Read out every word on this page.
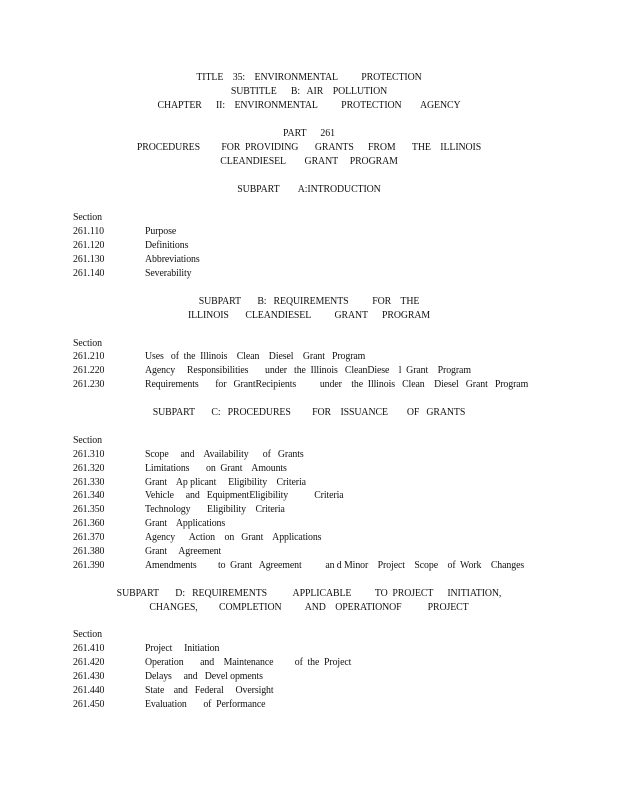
TITLE    35:    ENVIRONMENTAL          PROTECTION
SUBTITLE      B:   AIR    POLLUTION
CHAPTER      II:    ENVIRONMENTAL          PROTECTION        AGENCY
PART      261
PROCEDURES         FOR  PROVIDING       GRANTS      FROM       THE    ILLINOIS
CLEANDIESEL        GRANT     PROGRAM
SUBPART        A:INTRODUCTION
Section
261.110	Purpose
261.120	Definitions
261.130	Abbreviations
261.140	Severability
SUBPART       B:   REQUIREMENTS          FOR    THE
ILLINOIS       CLEANDIESEL          GRANT      PROGRAM
Section
261.210	Uses   of  the  Illinois    Clean    Diesel    Grant   Program
261.220	Agency     Responsibilities       under   the  Illinois   CleanDiese    l  Grant    Program
261.230	Requirements       for   GrantRecipients          under    the  Illinois   Clean    Diesel   Grant   Program
SUBPART       C:   PROCEDURES         FOR    ISSUANCE        OF   GRANTS
Section
261.310	Scope     and    Availability      of   Grants
261.320	Limitations       on  Grant    Amounts
261.330	Grant    Ap plicant     Eligibility    Criteria
261.340	Vehicle     and   EquipmentEligibility           Criteria
261.350	Technology       Eligibility    Criteria
261.360	Grant    Applications
261.370	Agency      Action    on   Grant    Applications
261.380	Grant     Agreement
261.390	Amendments         to  Grant   Agreement          an d Minor    Project    Scope    of  Work    Changes
SUBPART       D:   REQUIREMENTS           APPLICABLE          TO  PROJECT      INITIATION,
CHANGES,         COMPLETION          AND    OPERATIONOF           PROJECT
Section
261.410	Project     Initiation
261.420	Operation       and    Maintenance         of  the  Project
261.430	Delays     and   Devel opments
261.440	State    and   Federal     Oversight
261.450	Evaluation       of  Performance
